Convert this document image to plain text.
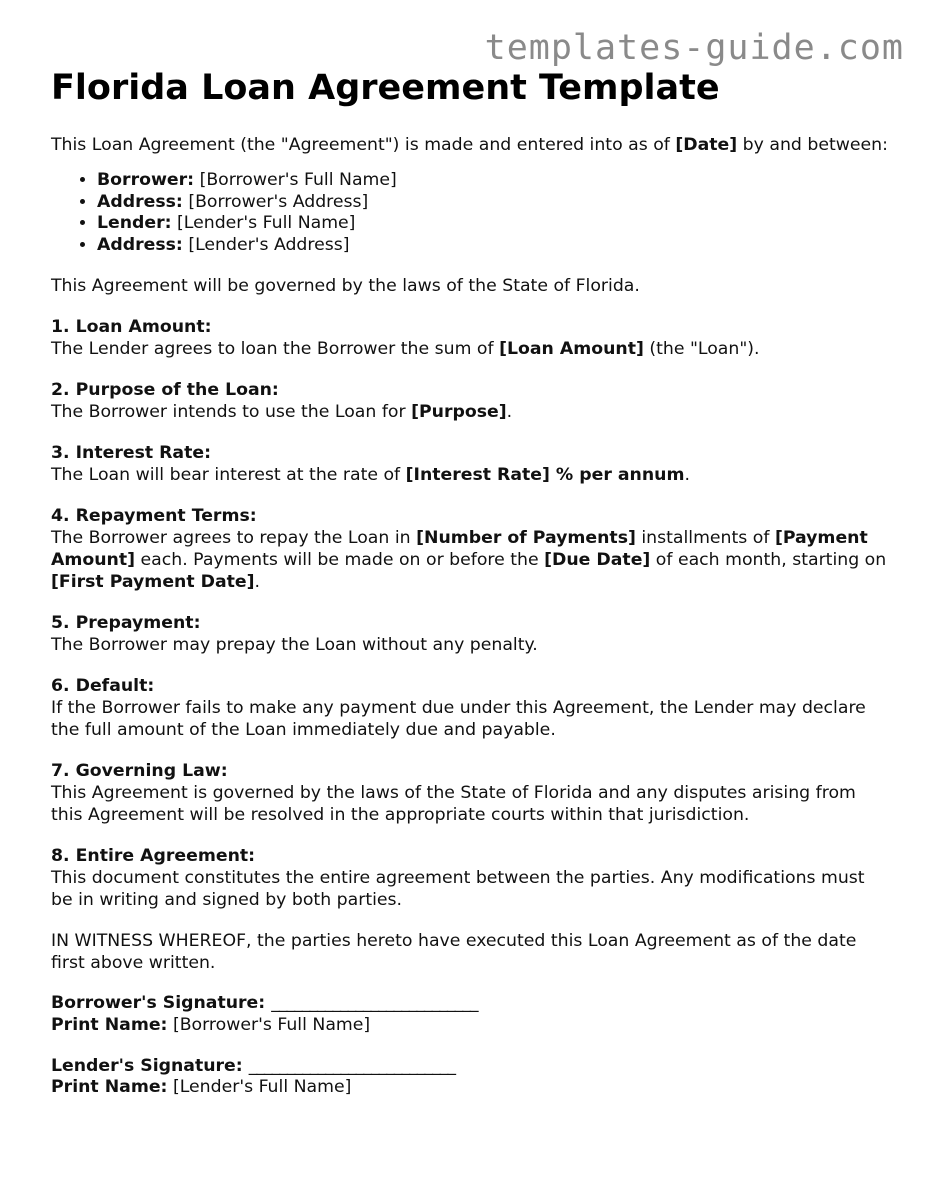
templates-guide.com
Florida Loan Agreement Template

This Loan Agreement (the "Agreement") is made and entered into as of [Date] by and between:

• Borrower: [Borrower's Full Name]
• Address: [Borrower's Address]
• Lender: [Lender's Full Name]
• Address: [Lender's Address]

This Agreement will be governed by the laws of the State of Florida.

1. Loan Amount:
The Lender agrees to loan the Borrower the sum of [Loan Amount] (the "Loan").
2. Purpose of the Loan:
The Borrower intends to use the Loan for [Purpose].
3. Interest Rate:
The Loan will bear interest at the rate of [Interest Rate] % per annum.
4. Repayment Terms:
The Borrower agrees to repay the Loan in [Number of Payments] installments of [Payment Amount] each. Payments will be made on or before the [Due Date] of each month, starting on [First Payment Date].
5. Prepayment:
The Borrower may prepay the Loan without any penalty.
6. Default:
If the Borrower fails to make any payment due under this Agreement, the Lender may declare the full amount of the Loan immediately due and payable.
7. Governing Law:
This Agreement is governed by the laws of the State of Florida and any disputes arising from this Agreement will be resolved in the appropriate courts within that jurisdiction.
8. Entire Agreement:
This document constitutes the entire agreement between the parties. Any modifications must be in writing and signed by both parties.

IN WITNESS WHEREOF, the parties hereto have executed this Loan Agreement as of the date first above written.

Borrower's Signature: ___________________________
Print Name: [Borrower's Full Name]
Lender's Signature: ___________________________
Print Name: [Lender's Full Name]
